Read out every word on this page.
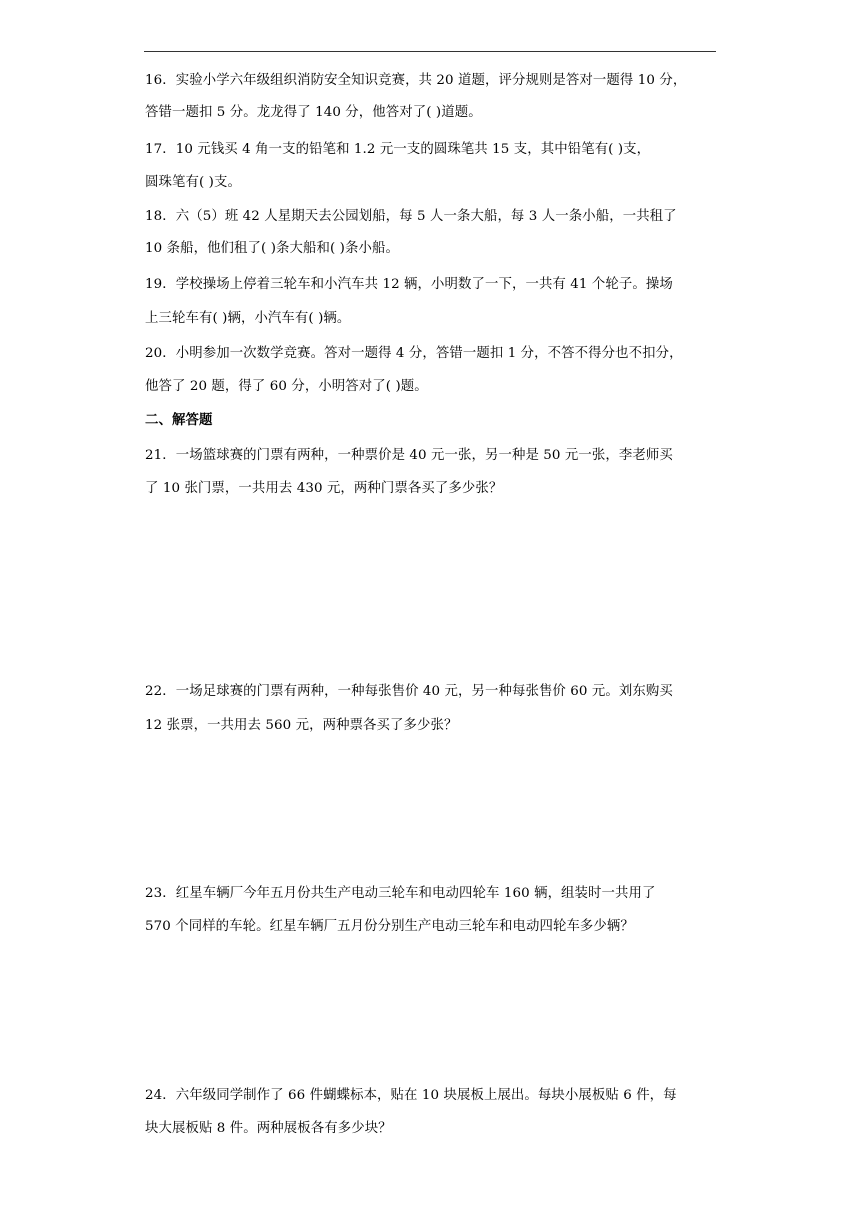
16．实验小学六年级组织消防安全知识竞赛，共 20 道题，评分规则是答对一题得 10 分，
答错一题扣 5 分。龙龙得了 140 分，他答对了( )道题。
17．10 元钱买 4 角一支的铅笔和 1.2 元一支的圆珠笔共 15 支，其中铅笔有( )支，
圆珠笔有( )支。
18．六（5）班 42 人星期天去公园划船，每 5 人一条大船，每 3 人一条小船，一共租了
10 条船，他们租了( )条大船和( )条小船。
19．学校操场上停着三轮车和小汽车共 12 辆，小明数了一下，一共有 41 个轮子。操场
上三轮车有( )辆，小汽车有( )辆。
20．小明参加一次数学竞赛。答对一题得 4 分，答错一题扣 1 分，不答不得分也不扣分，
他答了 20 题，得了 60 分，小明答对了( )题。
二、解答题
21．一场篮球赛的门票有两种，一种票价是 40 元一张，另一种是 50 元一张，李老师买
了 10 张门票，一共用去 430 元，两种门票各买了多少张？
22．一场足球赛的门票有两种，一种每张售价 40 元，另一种每张售价 60 元。刘东购买
12 张票，一共用去 560 元，两种票各买了多少张？
23．红星车辆厂今年五月份共生产电动三轮车和电动四轮车 160 辆，组装时一共用了
570 个同样的车轮。红星车辆厂五月份分别生产电动三轮车和电动四轮车多少辆？
24．六年级同学制作了 66 件蝴蝶标本，贴在 10 块展板上展出。每块小展板贴 6 件，每
块大展板贴 8 件。两种展板各有多少块？
